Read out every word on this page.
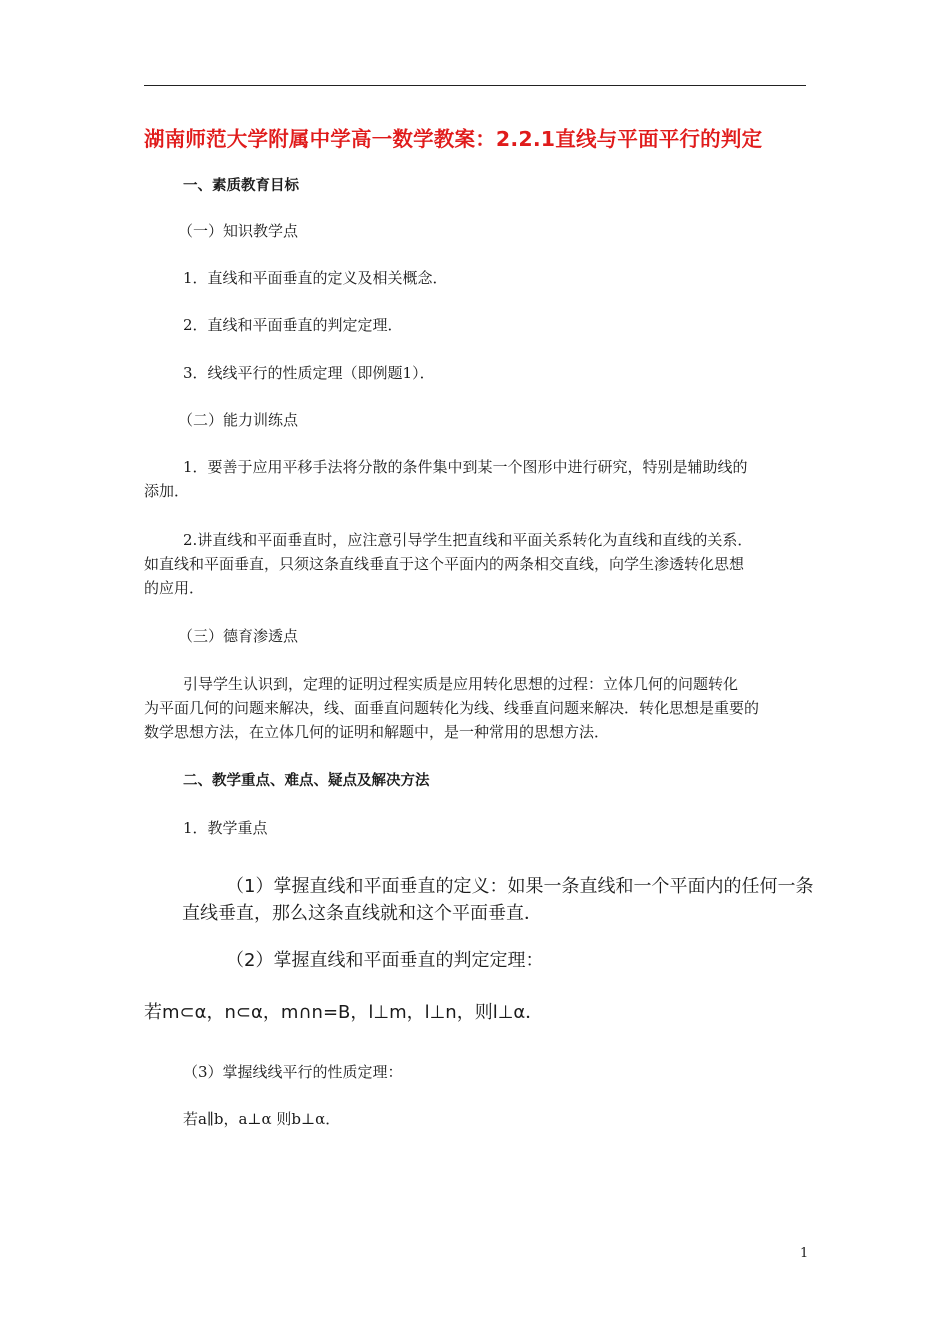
湖南师范大学附属中学高一数学教案：2.2.1直线与平面平行的判定
一、素质教育目标
（一）知识教学点
1．直线和平面垂直的定义及相关概念．
2．直线和平面垂直的判定定理．
3．线线平行的性质定理（即例题1）．
（二）能力训练点
1．要善于应用平移手法将分散的条件集中到某一个图形中进行研究，特别是辅助线的
添加．
2.讲直线和平面垂直时，应注意引导学生把直线和平面关系转化为直线和直线的关系．
如直线和平面垂直，只须这条直线垂直于这个平面内的两条相交直线，向学生渗透转化思想
的应用．
（三）德育渗透点
引导学生认识到，定理的证明过程实质是应用转化思想的过程：立体几何的问题转化
为平面几何的问题来解决，线、面垂直问题转化为线、线垂直问题来解决．转化思想是重要的
数学思想方法，在立体几何的证明和解题中，是一种常用的思想方法．
二、教学重点、难点、疑点及解决方法
1．教学重点
（1）掌握直线和平面垂直的定义：如果一条直线和一个平面内的任何一条
直线垂直，那么这条直线就和这个平面垂直．
（2）掌握直线和平面垂直的判定定理：
若m⊂α，n⊂α，m∩n=B，l⊥m，l⊥n，则l⊥α．
（3）掌握线线平行的性质定理：
若a∥b，a⊥α 则b⊥α．
1
